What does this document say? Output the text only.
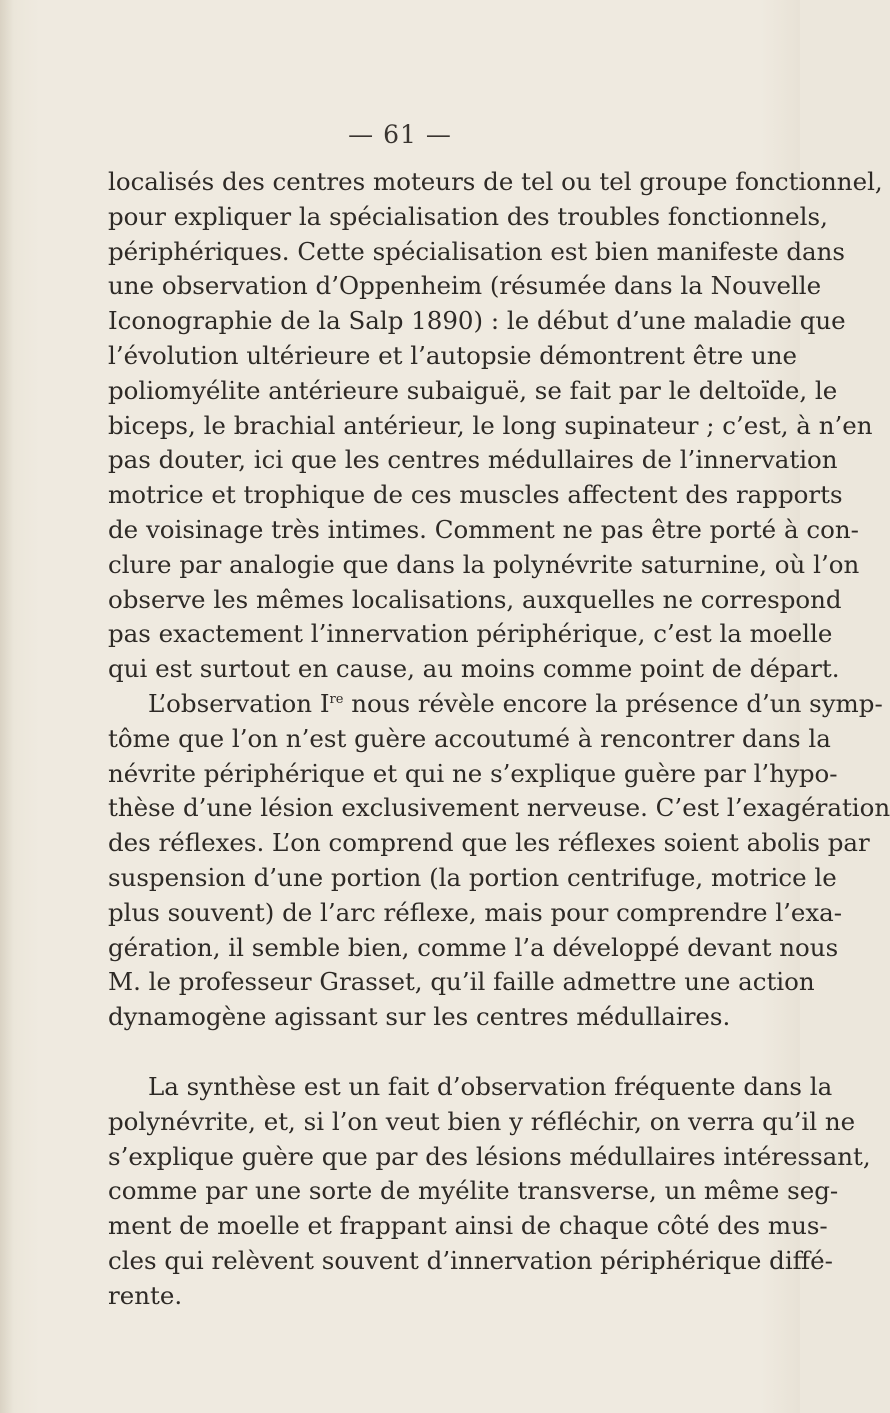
— 61 —
localisés des centres moteurs de tel ou tel groupe fonctionnel,
pour expliquer la spécialisation des troubles fonctionnels,
périphériques. Cette spécialisation est bien manifeste dans
une observation d’Oppenheim (résumée dans la Nouvelle
Iconographie de la Salp 1890) : le début d’une maladie que
l’évolution ultérieure et l’autopsie démontrent être une
poliomyélite antérieure subaiguë, se fait par le deltoïde, le
biceps, le brachial antérieur, le long supinateur ; c’est, à n’en
pas douter, ici que les centres médullaires de l’innervation
motrice et trophique de ces muscles affectent des rapports
de voisinage très intimes. Comment ne pas être porté à con-
clure par analogie que dans la polynévrite saturnine, où l’on
observe les mêmes localisations, auxquelles ne correspond
pas exactement l’innervation périphérique, c’est la moelle
qui est surtout en cause, au moins comme point de départ.
L’observation Ire nous révèle encore la présence d’un symp-
tôme que l’on n’est guère accoutumé à rencontrer dans la
névrite périphérique et qui ne s’explique guère par l’hypo-
thèse d’une lésion exclusivement nerveuse. C’est l’exagération
des réflexes. L’on comprend que les réflexes soient abolis par
suspension d’une portion (la portion centrifuge, motrice le
plus souvent) de l’arc réflexe, mais pour comprendre l’exa-
gération, il semble bien, comme l’a développé devant nous
M. le professeur Grasset, qu’il faille admettre une action
dynamogène agissant sur les centres médullaires.
La synthèse est un fait d’observation fréquente dans la
polynévrite, et, si l’on veut bien y réfléchir, on verra qu’il ne
s’explique guère que par des lésions médullaires intéressant,
comme par une sorte de myélite transverse, un même seg-
ment de moelle et frappant ainsi de chaque côté des mus-
cles qui relèvent souvent d’innervation périphérique diffé-
rente.
